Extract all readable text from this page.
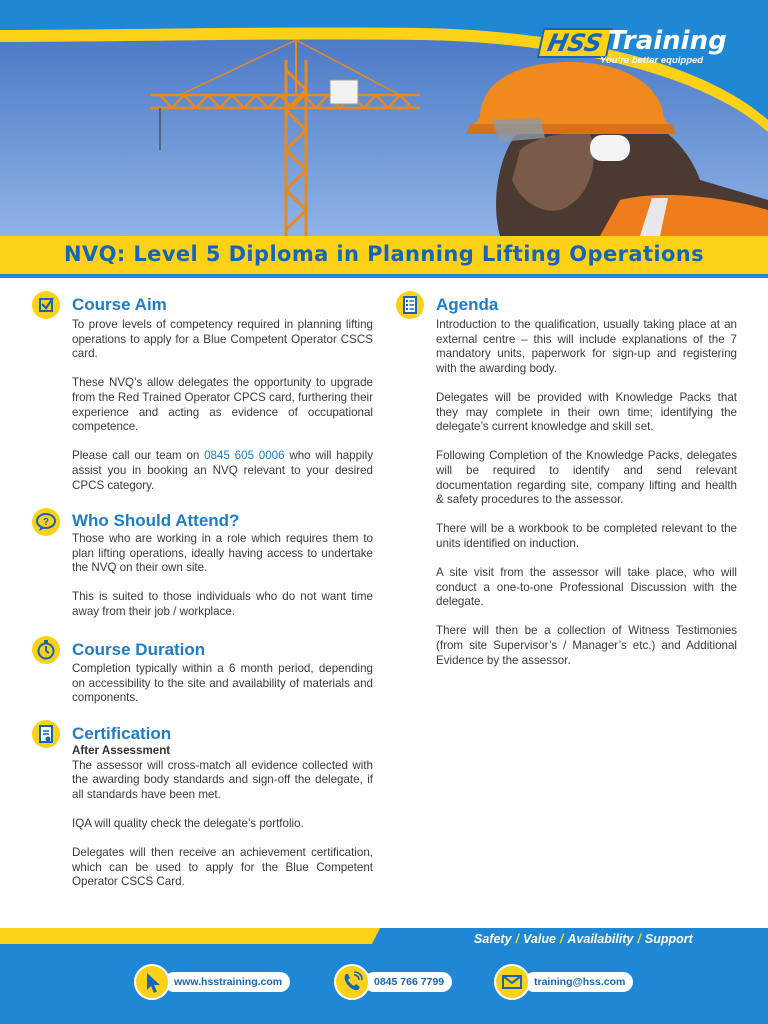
HSS Training
You’re better equipped
NVQ: Level 5 Diploma in Planning Lifting Operations
Course Aim

To prove levels of competency required in planning lifting operations to apply for a Blue Competent Operator CSCS card.

These NVQ’s allow delegates the opportunity to upgrade from the Red Trained Operator CPCS card, furthering their experience and acting as evidence of occupational competence.

Please call our team on 0845 605 0006 who will happily assist you in booking an NVQ relevant to your desired CPCS category.

? Who Should Attend?

Those who are working in a role which requires them to plan lifting operations, ideally having access to undertake the NVQ on their own site.

This is suited to those individuals who do not want time away from their job / workplace.

Course Duration

Completion typically within a 6 month period, depending on accessibility to the site and availability of materials and components.

Certification
After Assessment

The assessor will cross-match all evidence collected with the awarding body standards and sign-off the delegate, if all standards have been met.

IQA will quality check the delegate’s portfolio.

Delegates will then receive an achievement certification, which can be used to apply for the Blue Competent Operator CSCS Card.

Agenda

Introduction to the qualification, usually taking place at an external centre – this will include explanations of the 7 mandatory units, paperwork for sign-up and registering with the awarding body.

Delegates will be provided with Knowledge Packs that they may complete in their own time; identifying the delegate’s current knowledge and skill set.

Following Completion of the Knowledge Packs, delegates will be required to identify and send relevant documentation regarding site, company lifting and health & safety procedures to the assessor.

There will be a workbook to be completed relevant to the units identified on induction.

A site visit from the assessor will take place, who will conduct a one-to-one Professional Discussion with the delegate.

There will then be a collection of Witness Testimonies (from site Supervisor’s / Manager’s etc.) and Additional Evidence by the assessor.

Safety / Value / Availability / Support
www.hsstraining.com	0845 766 7799	training@hss.com
